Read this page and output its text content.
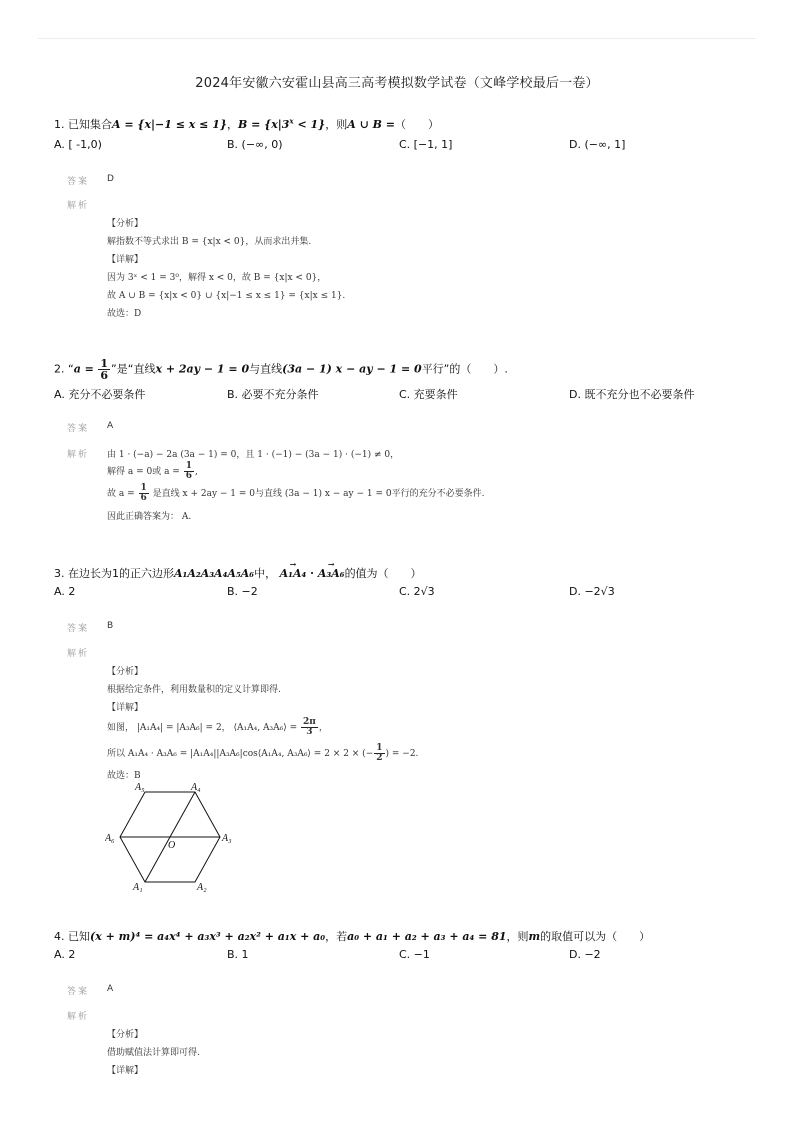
2024年安徽六安霍山县高三高考模拟数学试卷（文峰学校最后一卷）
1. 已知集合A = {x|−1 ≤ x ≤ 1}，$B = \{x|3^x < 1\}$，则A ∪ B =（　　）
A. [ -1,0)	B. (−∞, 0)	C. [−1, 1]	D. (−∞, 1]
答案 D
解析
【分析】
解指数不等式求出 B = {x|x < 0}，从而求出并集.
【详解】
因为 3ˣ < 1 = 3⁰，解得 x < 0，故 B = {x|x < 0}，
故 A ∪ B = {x|x < 0} ∪ {x|−1 ≤ x ≤ 1} = {x|x ≤ 1}.
故选：D
2. “$a = \frac{1}{6}$ ”是“直线x + 2ay − 1 = 0与直线(3a − 1) x − ay − 1 = 0平行”的（　　）.
A. 充分不必要条件	B. 必要不充分条件	C. 充要条件	D. 既不充分也不必要条件
答案 A
解析 由 1 · (−a) − 2a (3a − 1) = 0，且 1 · (−1) − (3a − 1) · (−1) ≠ 0，
解得 a = 0或 $a = \frac{1}{6}$ ,
故 $a = \frac{1}{6}$ 是直线 x + 2ay − 1 = 0与直线 (3a − 1) x − ay − 1 = 0平行的充分不必要条件.
因此正确答案为： A.
3. 在边长为1的正六边形A₁A₂A₃A₄A₅A₆中， → A₁A₄ · → A₃A₆的值为（　　）
A. 2	B. −2	C. 2√3	D. −2√3
答案 B
解析
【分析】
根据给定条件，利用数量积的定义计算即得.
【详解】
如图， |A₁A₄| = |A₃A₆| = 2， ⟨A₁A₄, A₃A₆⟩ = $\frac{2\pi}{3}$ ，
所以 A₁A₄ · A₃A₆ = |A₁A₄||A₃A₆|cos⟨A₁A₄, A₃A₆⟩ = 2 × 2 × (− $\frac{1}{2}$ ) = −2.
故选：B
A₁	A₂
A₃
A₄
A₅
A₆
O
4. 已知(x + m)⁴ = a₄x⁴ + a₃x³ + a₂x² + a₁x + a₀，若a₀ + a₁ + a₂ + a₃ + a₄ = 81，则m的取值可以为（　　）
A. 2	B. 1	C. −1	D. −2
答案 A
解析
【分析】
借助赋值法计算即可得.
【详解】
